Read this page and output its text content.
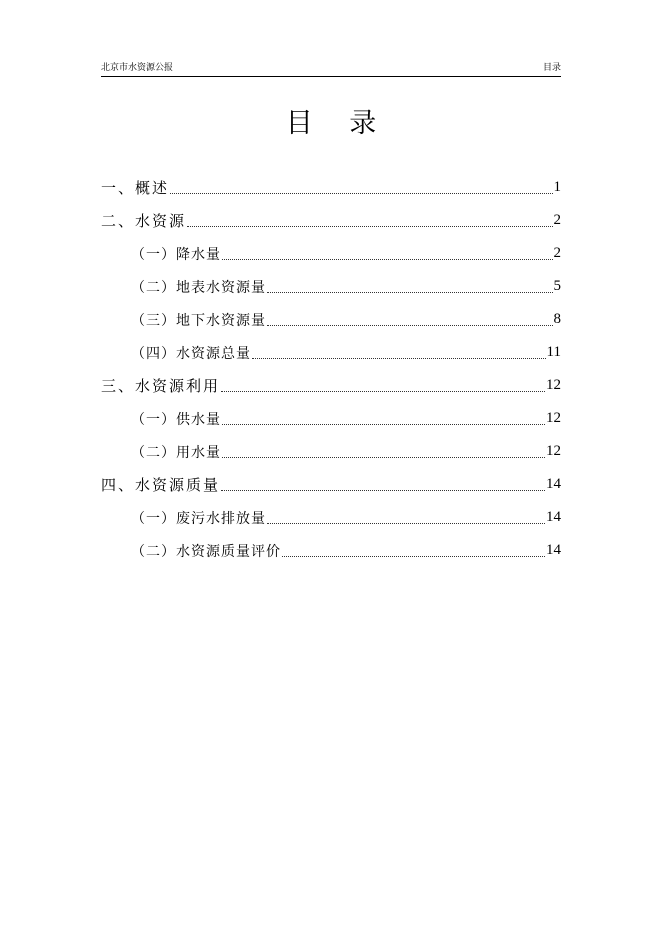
北京市水资源公报	目录
目 录
一、概述	1
二、水资源	2
（一）降水量	2
（二）地表水资源量	5
（三）地下水资源量	8
（四）水资源总量	11
三、水资源利用	12
（一）供水量	12
（二）用水量	12
四、水资源质量	14
（一）废污水排放量	14
（二）水资源质量评价	14
